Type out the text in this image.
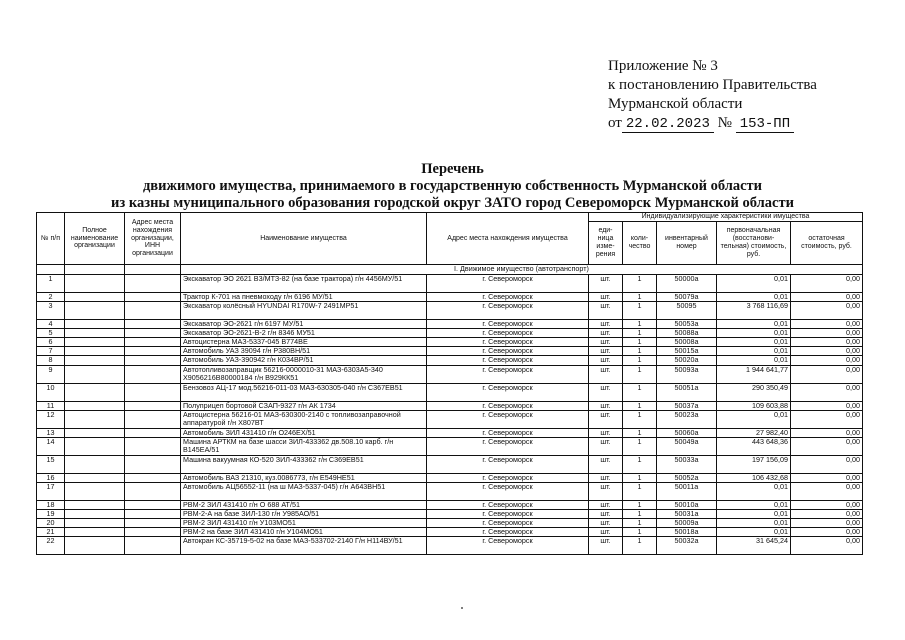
Приложение № 3
к постановлению Правительства
Мурманской области
от 22.02.2023 № 153-ПП
Перечень
движимого имущества, принимаемого в государственную собственность Мурманской области
из казны муниципального образования городской округ ЗАТО город Североморск Мурманской области
№ п/п	Полное наименование организации	Адрес места нахождения организации, ИНН организации	Наименование имущества	Адрес места нахождения имущества	Индивидуализирующие характеристики имущества				
					еди-ница изме-рения	коли-чество	инвентарный номер	первоначальная (восстанови-тельная) стоимость, руб.	остаточная стоимость, руб.
			I. Движимое имущество (автотранспорт)						
1			Экскаватор ЭО 2621 В3/МТЗ-82 (на базе трактора) г/н 4456МУ/51	г. Североморск	шт.	1	50000а	0,01	0,00
2			Трактор К-701 на пневмоходу г/н 6196 МУ/51	г. Североморск	шт.	1	50079а	0,01	0,00
3			Экскаватор колёсный HYUNDAI R170W-7 2491МР51	г. Североморск	шт.	1	50095	3 768 116,69	0,00
4			Экскаватор ЭО-2621 г/н 6197 МУ/51	г. Североморск	шт.	1	50053а	0,01	0,00
5			Экскаватор ЭО-2621-В-2 г/н 8346 МУ51	г. Североморск	шт.	1	50088а	0,01	0,00
6			Автоцистерна МАЗ-5337-045 В774ВЕ	г. Североморск	шт.	1	50008а	0,01	0,00
7			Автомобиль УАЗ 39094 г/н Р380ВН/51	г. Североморск	шт.	1	50015а	0,01	0,00
8			Автомобиль УАЗ-390942 г/н К034ВР/51	г. Североморск	шт.	1	50020а	0,01	0,00
9			Автотопливозаправщик 56216-0000010-31 МАЗ-6303А5-340 Х9056216В80000184 г/н В929КК51	г. Североморск	шт.	1	50093а	1 944 641,77	0,00
10			Бензовоз АЦ-17 мод.56216-011-03 МАЗ-630305-040 г/н С367ЕВ51	г. Североморск	шт.	1	50051а	290 350,49	0,00
11			Полуприцеп бортовой СЗАП-9327 г/н АК 1734	г. Североморск	шт.	1	50037а	109 603,88	0,00
12			Автоцистерна 56216-01 МАЗ-630300-2140 с топливозаправочной аппаратурой г/н Х807ВТ	г. Североморск	шт.	1	50023а	0,01	0,00
13			Автомобиль ЗИЛ 431410 г/н О246ЕХ/51	г. Североморск	шт.	1	50060а	27 982,40	0,00
14			Машина АРТКМ на базе шасси ЗИЛ-433362 дв.508.10 карб. г/н В145ЕА/51	г. Североморск	шт.	1	50049а	443 648,36	0,00
15			Машина вакуумная КО-520 ЗИЛ-433362 г/н С369ЕВ51	г. Североморск	шт.	1	50033а	197 156,09	0,00
16			Автомобиль ВАЗ 21310, куз.0086773, г/н Е549НЕ51	г. Североморск	шт.	1	50052а	106 432,68	0,00
17			Автомобиль АЦ56552-11 (на ш МАЗ-5337-045) г/н А643ВН51	г. Североморск	шт.	1	50011а	0,01	0,00
18			РВМ-2 ЗИЛ 431410 г/н О 688 АТ/51	г. Североморск	шт.	1	50010а	0,01	0,00
19			РВМ-2-А на базе ЗИЛ-130 г/н У985АО/51	г. Североморск	шт.	1	50031а	0,01	0,00
20			РВМ-2 ЗИЛ 431410 г/н У103МО51	г. Североморск	шт.	1	50009а	0,01	0,00
21			РВМ-2 на базе ЗИЛ 431410 г/н У104МО51	г. Североморск	шт.	1	50018а	0,01	0,00
22			Автокран КС-35719-5-02 на базе МАЗ-533702-2140 Г/н Н114ВУ/51	г. Североморск	шт.	1	50032а	31 645,24	0,00
